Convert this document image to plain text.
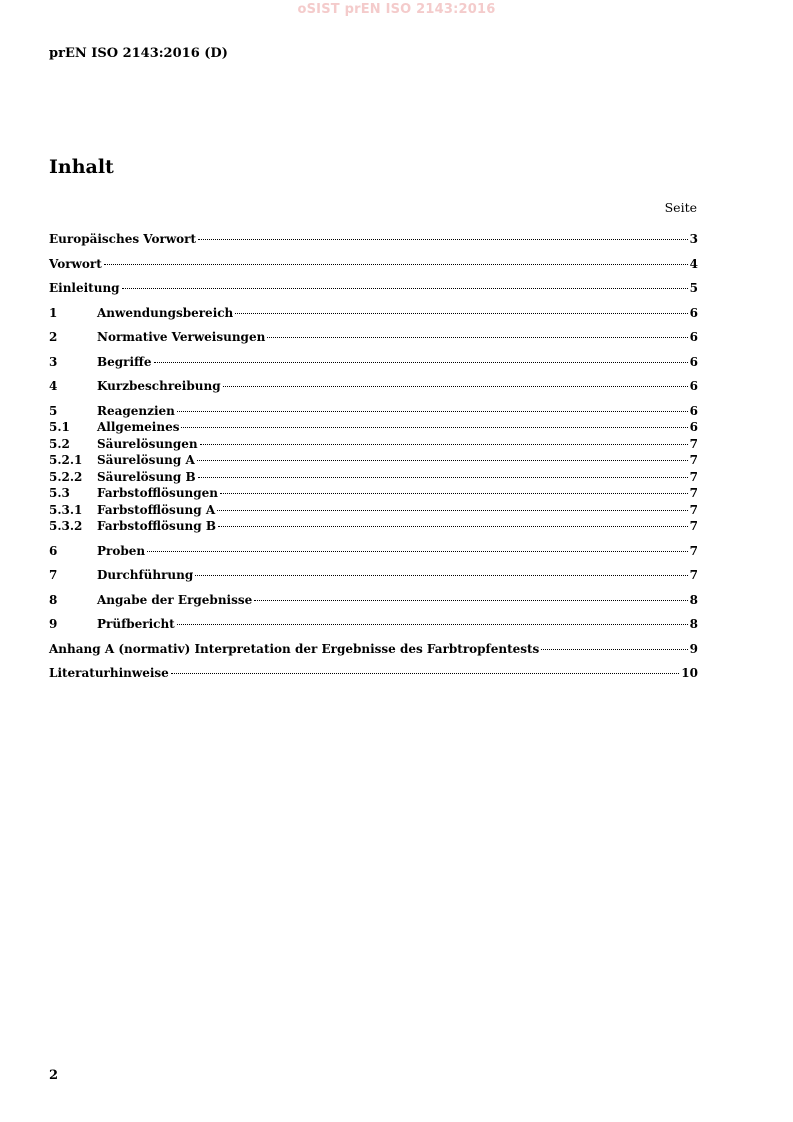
oSIST prEN ISO 2143:2016
prEN ISO 2143:2016 (D)
Inhalt
Seite
Europäisches Vorwort	3
Vorwort	4
Einleitung	5
1	Anwendungsbereich	6
2	Normative Verweisungen	6
3	Begriffe	6
4	Kurzbeschreibung	6
5	Reagenzien	6
5.1	Allgemeines	6
5.2	Säurelösungen	7
5.2.1	Säurelösung A	7
5.2.2	Säurelösung B	7
5.3	Farbstofflösungen	7
5.3.1	Farbstofflösung A	7
5.3.2	Farbstofflösung B	7
6	Proben	7
7	Durchführung	7
8	Angabe der Ergebnisse	8
9	Prüfbericht	8
Anhang A (normativ) Interpretation der Ergebnisse des Farbtropfentests	9
Literaturhinweise	10
2
